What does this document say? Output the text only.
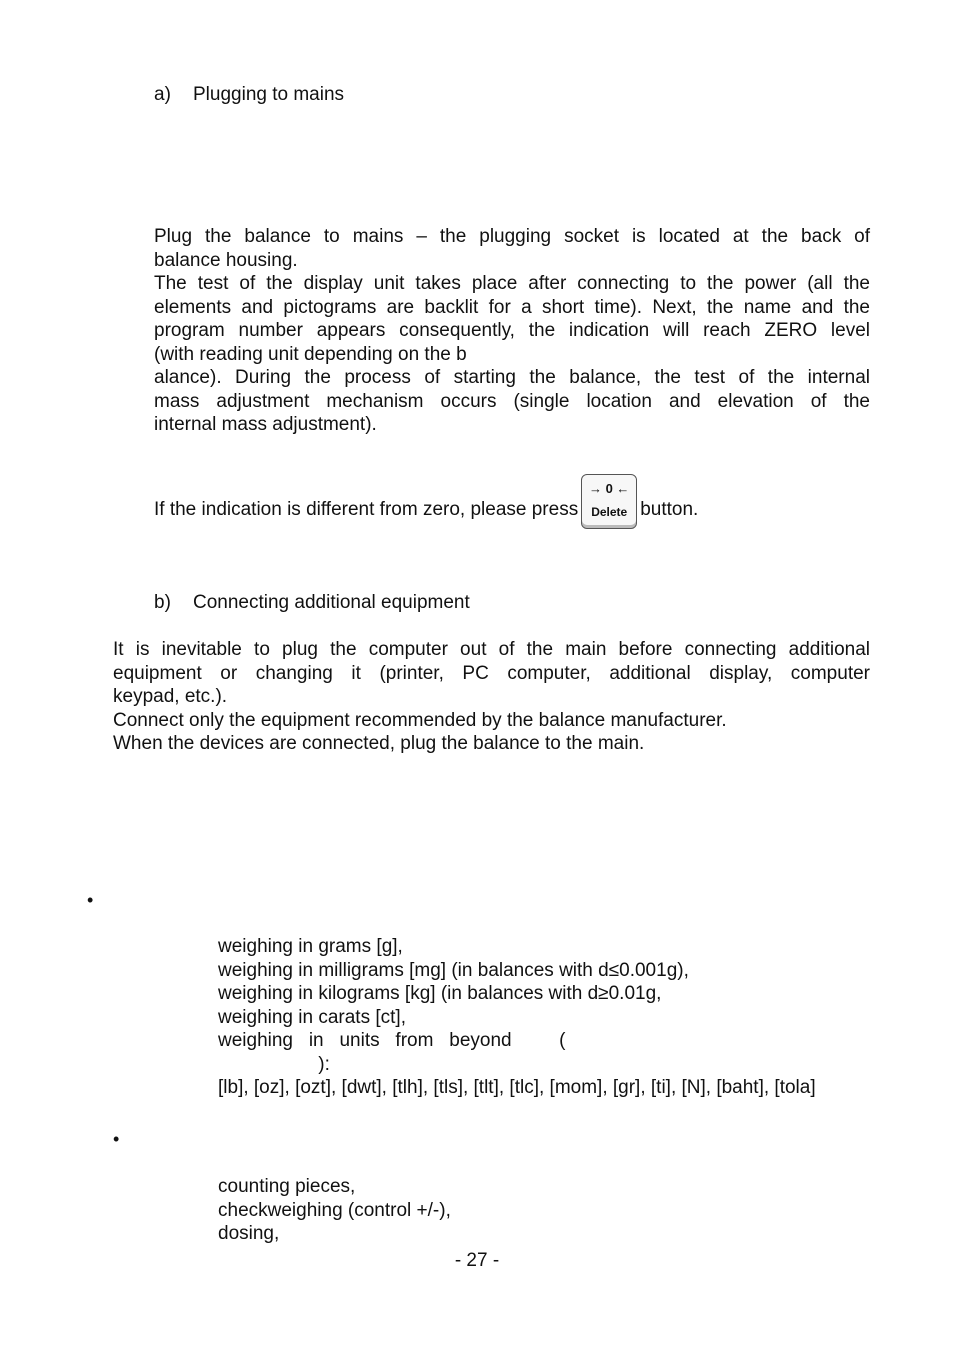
a) Plugging to mains
Plug the balance to mains – the plugging socket is located at the back of
balance housing.
The test of the display unit takes place after connecting to the power (all the
elements and pictograms are backlit for a short time). Next, the name and the
program number appears consequently, the indication will reach ZERO level
(with reading unit depending on the b
alance). During the process of starting the balance, the test of the internal
mass adjustment mechanism occurs (single location and elevation of the
internal mass adjustment).
If the indication is different from zero, please press
→ 0 ←
Delete button.
b) Connecting additional equipment
It is inevitable to plug the computer out of the main before connecting additional
equipment or changing it (printer, PC computer, additional display, computer
keypad, etc.).
Connect only the equipment recommended by the balance manufacturer.
When the devices are connected, plug the balance to the main.
•
weighing in grams [g],
weighing in milligrams [mg] (in balances with d≤0.001g),
weighing in kilograms [kg] (in balances with d≥0.01g,
weighing in carats [ct],
weighing   in   units   from   beyond         (
):
[lb], [oz], [ozt], [dwt], [tlh], [tls], [tlt], [tlc], [mom], [gr], [ti], [N], [baht], [tola]
•
counting pieces,
checkweighing (control +/-),
dosing,
- 27 -
